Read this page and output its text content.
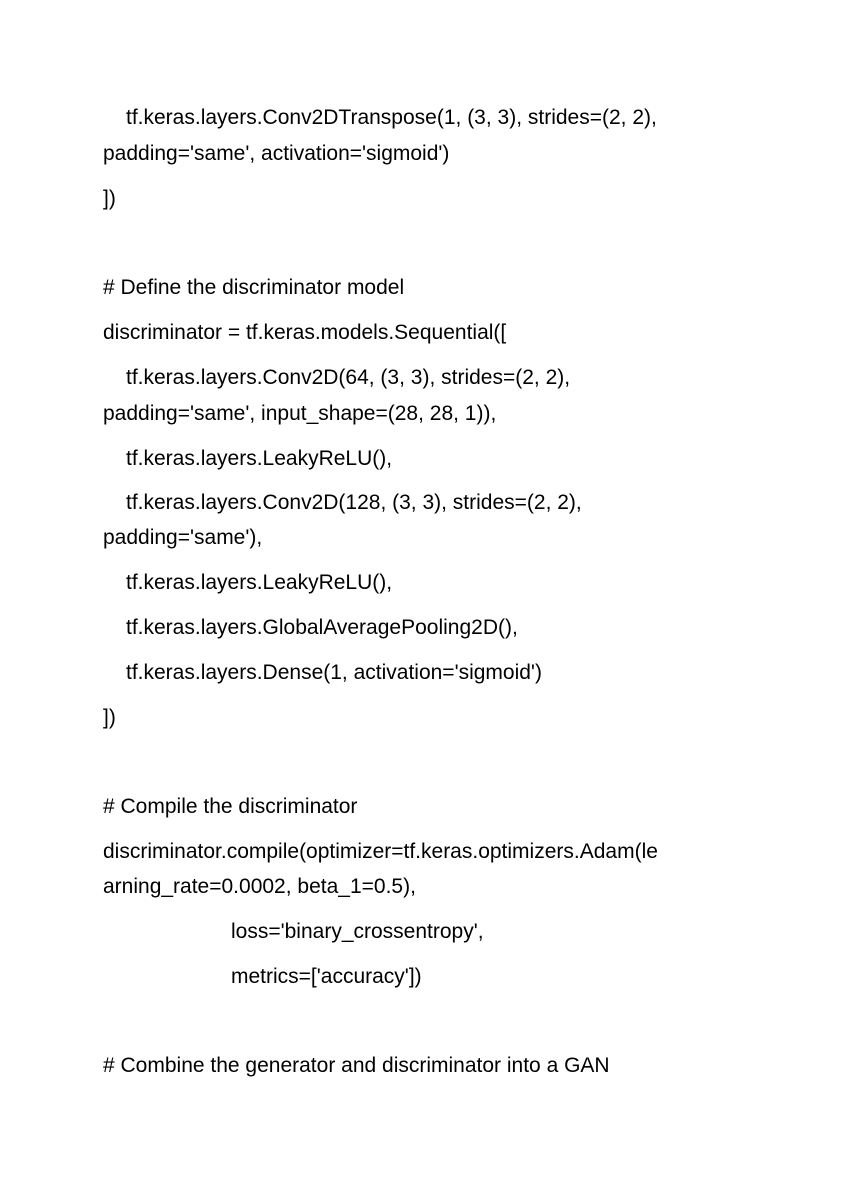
tf.keras.layers.Conv2DTranspose(1, (3, 3), strides=(2, 2),

padding='same', activation='sigmoid')

])

# Define the discriminator model

discriminator = tf.keras.models.Sequential([

tf.keras.layers.Conv2D(64, (3, 3), strides=(2, 2),

padding='same', input_shape=(28, 28, 1)),

tf.keras.layers.LeakyReLU(),

tf.keras.layers.Conv2D(128, (3, 3), strides=(2, 2),

padding='same'),

tf.keras.layers.LeakyReLU(),

tf.keras.layers.GlobalAveragePooling2D(),

tf.keras.layers.Dense(1, activation='sigmoid')

])

# Compile the discriminator

discriminator.compile(optimizer=tf.keras.optimizers.Adam(le

arning_rate=0.0002, beta_1=0.5),

loss='binary_crossentropy',

metrics=['accuracy'])

# Combine the generator and discriminator into a GAN
